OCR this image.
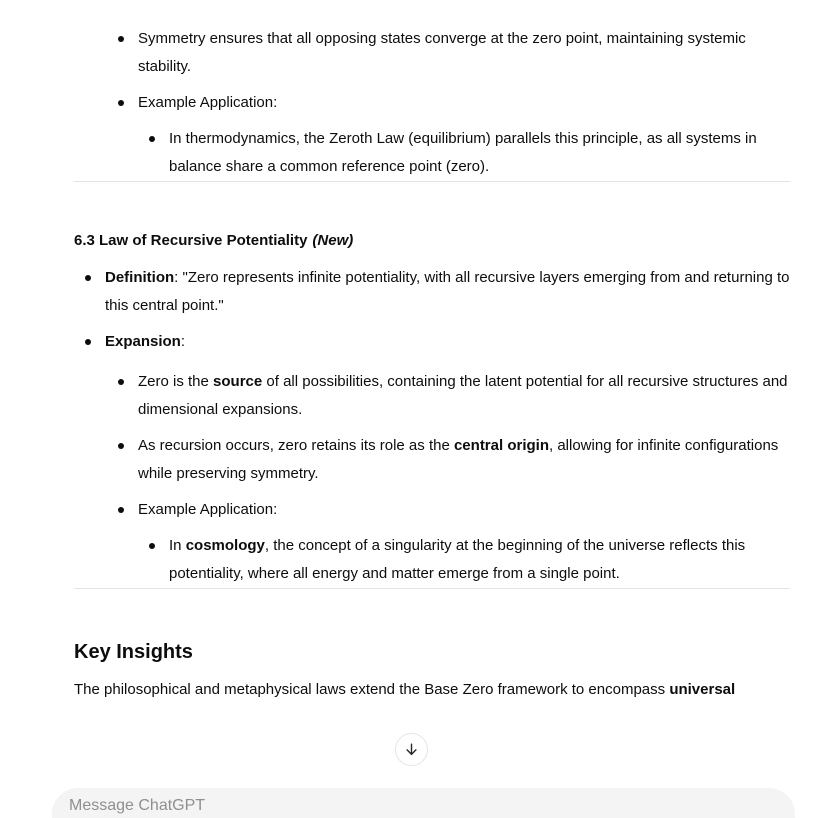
Symmetry ensures that all opposing states converge at the zero point, maintaining systemic stability.
Example Application:
In thermodynamics, the Zeroth Law (equilibrium) parallels this principle, as all systems in balance share a common reference point (zero).
6.3 Law of Recursive Potentiality (New)
Definition: "Zero represents infinite potentiality, with all recursive layers emerging from and returning to this central point."
Expansion:
Zero is the source of all possibilities, containing the latent potential for all recursive structures and dimensional expansions.
As recursion occurs, zero retains its role as the central origin, allowing for infinite configurations while preserving symmetry.
Example Application:
In cosmology, the concept of a singularity at the beginning of the universe reflects this potentiality, where all energy and matter emerge from a single point.
Key Insights

The philosophical and metaphysical laws extend the Base Zero framework to encompass universal

Message ChatGPT
